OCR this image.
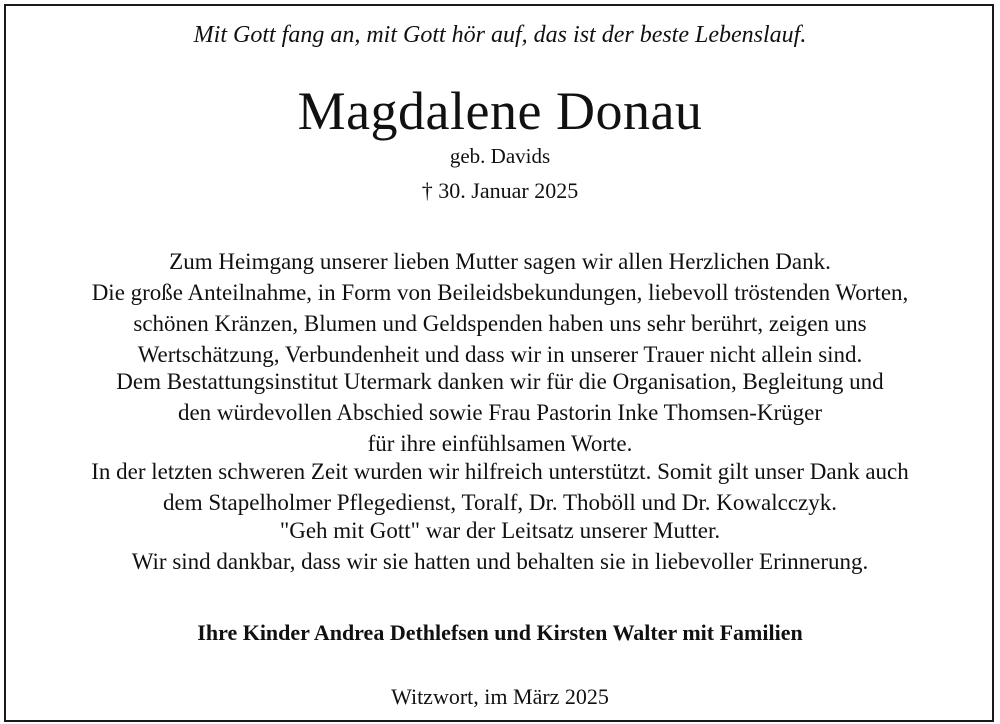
Mit Gott fang an, mit Gott hör auf, das ist der beste Lebenslauf.
Magdalene Donau
geb. Davids
† 30. Januar 2025
Zum Heimgang unserer lieben Mutter sagen wir allen Herzlichen Dank.
Die große Anteilnahme, in Form von Beileidsbekundungen, liebevoll tröstenden Worten,
schönen Kränzen, Blumen und Geldspenden haben uns sehr berührt, zeigen uns
Wertschätzung, Verbundenheit und dass wir in unserer Trauer nicht allein sind.
Dem Bestattungsinstitut Utermark danken wir für die Organisation, Begleitung und
den würdevollen Abschied sowie Frau Pastorin Inke Thomsen-Krüger
für ihre einfühlsamen Worte.
In der letzten schweren Zeit wurden wir hilfreich unterstützt. Somit gilt unser Dank auch
dem Stapelholmer Pflegedienst, Toralf, Dr. Thoböll und Dr. Kowalcczyk.
"Geh mit Gott" war der Leitsatz unserer Mutter.
Wir sind dankbar, dass wir sie hatten und behalten sie in liebevoller Erinnerung.
Ihre Kinder Andrea Dethlefsen und Kirsten Walter mit Familien
Witzwort, im März 2025
